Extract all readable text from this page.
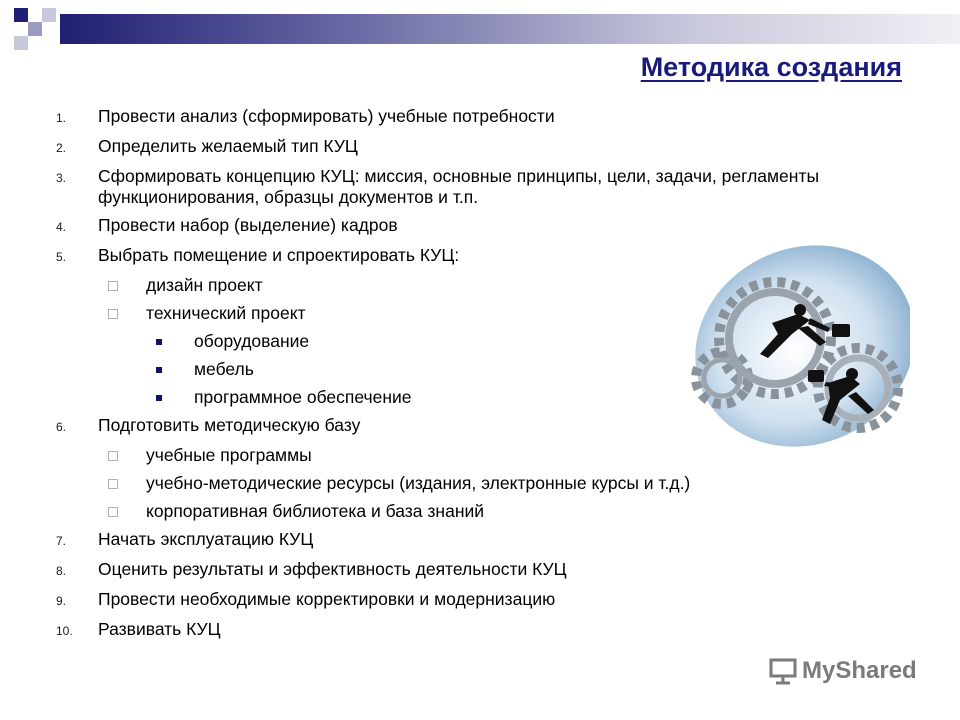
Методика создания
1.	Провести анализ (сформировать) учебные потребности
2.	Определить желаемый тип КУЦ
3.	Сформировать концепцию КУЦ: миссия, основные принципы, цели, задачи, регламенты функционирования, образцы документов и т.п.
4.	Провести набор (выделение) кадров
5.	Выбрать помещение и спроектировать КУЦ:
дизайн проект
технический проект
оборудование
мебель
программное обеспечение
6.	Подготовить методическую базу
учебные программы
учебно-методические ресурсы (издания, электронные курсы и т.д.)
корпоративная библиотека и база знаний
7.	Начать эксплуатацию КУЦ
8.	Оценить результаты и эффективность деятельности КУЦ
9.	Провести необходимые корректировки и модернизацию
10.	Развивать КУЦ
MyShared
